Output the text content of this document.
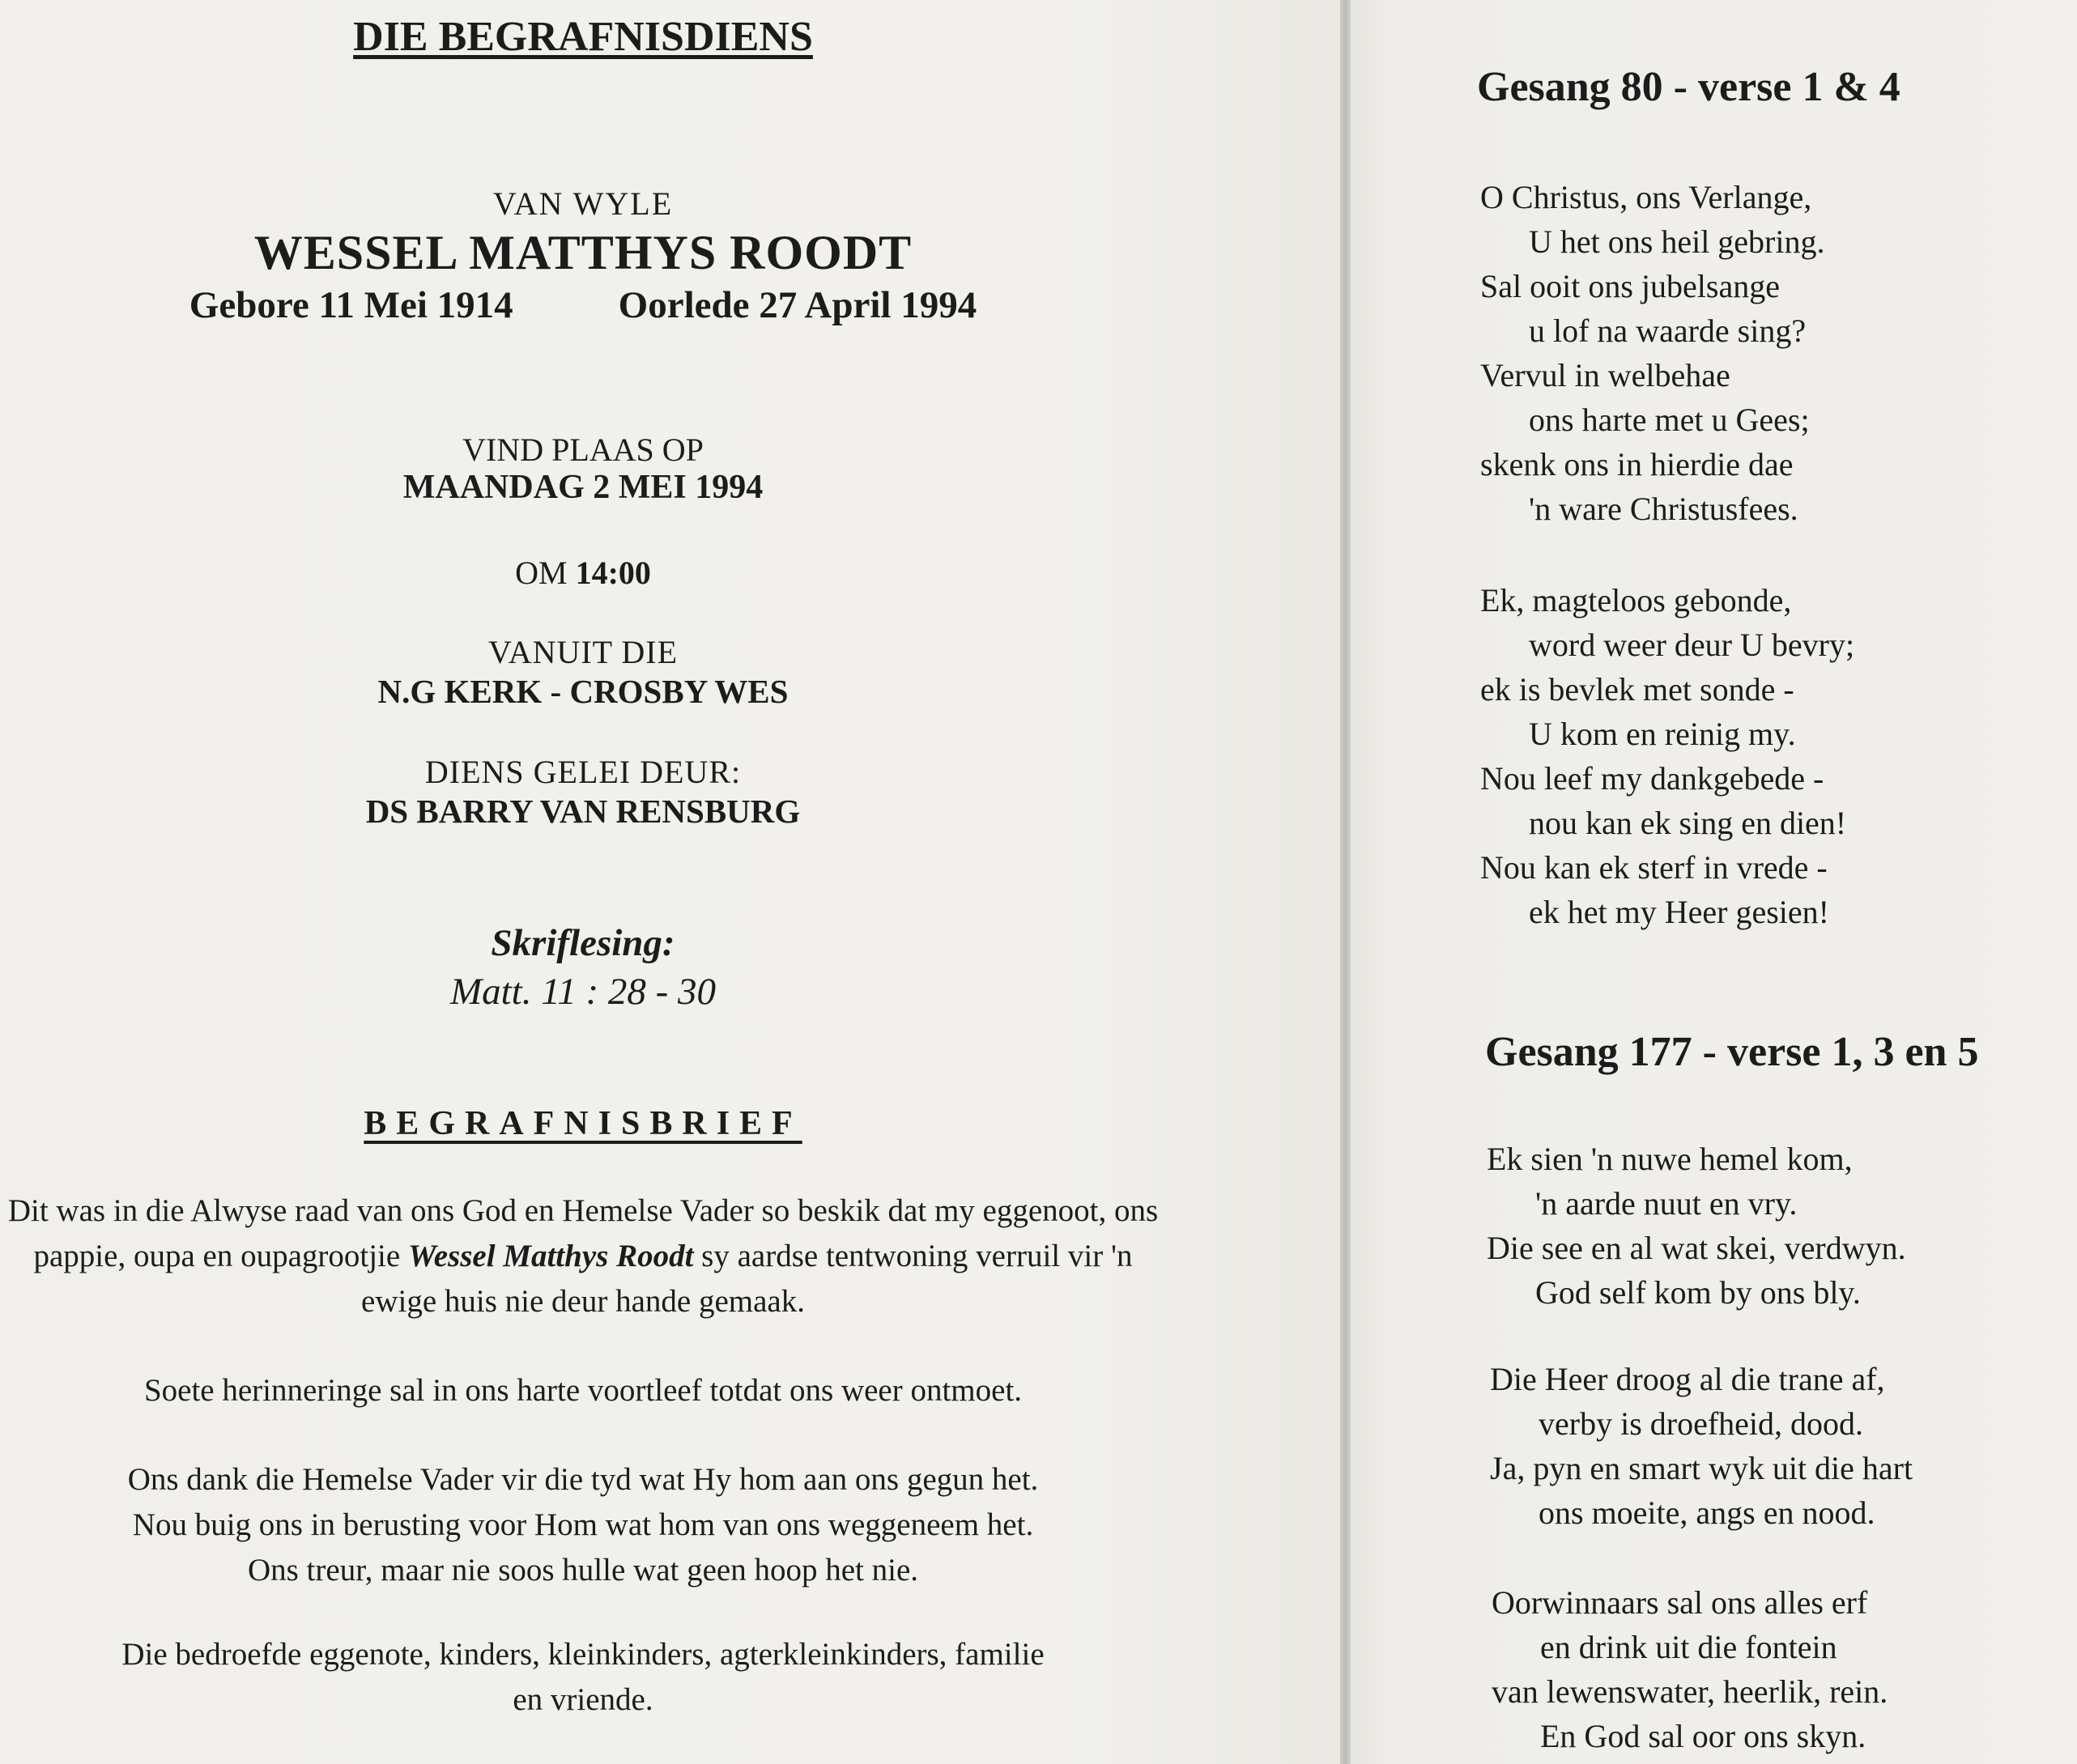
DIE BEGRAFNISDIENS
VAN WYLE
WESSEL MATTHYS ROODT
Gebore 11 Mei 1914	Oorlede 27 April 1994
VIND PLAAS OP
MAANDAG 2 MEI 1994
OM 14:00
VANUIT DIE
N.G KERK - CROSBY WES
DIENS GELEI DEUR:
DS BARRY VAN RENSBURG
Skriflesing:
Matt. 11 : 28 - 30
BEGRAFNISBRIEF
Dit was in die Alwyse raad van ons God en Hemelse Vader so beskik dat my eggenoot, ons pappie, oupa en oupagrootjie Wessel Matthys Roodt sy aardse tentwoning verruil vir 'n ewige huis nie deur hande gemaak.
Soete herinneringe sal in ons harte voortleef totdat ons weer ontmoet.

Ons dank die Hemelse Vader vir die tyd wat Hy hom aan ons gegun het.

Nou buig ons in berusting voor Hom wat hom van ons weggeneem het.

Ons treur, maar nie soos hulle wat geen hoop het nie.

Die bedroefde eggenote, kinders, kleinkinders, agterkleinkinders, familie

en vriende.

Gesang 80 - verse 1 & 4
O Christus, ons Verlange,
U het ons heil gebring.
Sal ooit ons jubelsange
u lof na waarde sing?
Vervul in welbehae
ons harte met u Gees;
skenk ons in hierdie dae
'n ware Christusfees.
Ek, magteloos gebonde,
word weer deur U bevry;
ek is bevlek met sonde -
U kom en reinig my.
Nou leef my dankgebede -
nou kan ek sing en dien!
Nou kan ek sterf in vrede -
ek het my Heer gesien!
Gesang 177 - verse 1, 3 en 5
Ek sien 'n nuwe hemel kom,
'n aarde nuut en vry.
Die see en al wat skei, verdwyn.
God self kom by ons bly.
Die Heer droog al die trane af,
verby is droefheid, dood.
Ja, pyn en smart wyk uit die hart
ons moeite, angs en nood.
Oorwinnaars sal ons alles erf
en drink uit die fontein
van lewenswater, heerlik, rein.
En God sal oor ons skyn.
